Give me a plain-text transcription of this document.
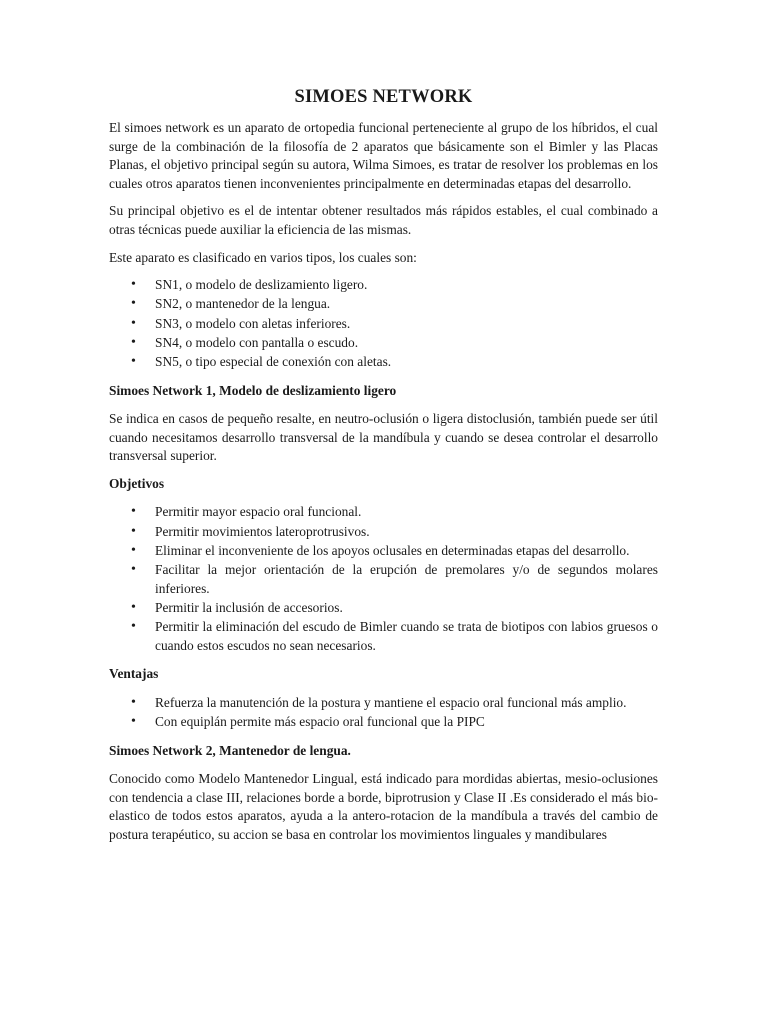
SIMOES NETWORK

El simoes network es un aparato de ortopedia funcional perteneciente al grupo de los híbridos, el cual surge de la combinación de la filosofía de 2 aparatos que básicamente son el Bimler y las Placas Planas, el objetivo principal según su autora, Wilma Simoes, es tratar de resolver los problemas en los cuales otros aparatos tienen inconvenientes principalmente en determinadas etapas del desarrollo.

Su principal objetivo es el de intentar obtener resultados más rápidos estables, el cual combinado a otras técnicas puede auxiliar la eficiencia de las mismas.

Este aparato es clasificado en varios tipos, los cuales son:

• SN1, o modelo de deslizamiento ligero.
• SN2, o mantenedor de la lengua.
• SN3, o modelo con aletas inferiores.
• SN4, o modelo con pantalla o escudo.
• SN5, o tipo especial de conexión con aletas.

Simoes Network 1, Modelo de deslizamiento ligero

Se indica en casos de pequeño resalte, en neutro-oclusión o ligera distoclusión, también puede ser útil cuando necesitamos desarrollo transversal de la mandíbula y cuando se desea controlar el desarrollo transversal superior.

Objetivos

• Permitir mayor espacio oral funcional.
• Permitir movimientos lateroprotrusivos.
• Eliminar el inconveniente de los apoyos oclusales en determinadas etapas del desarrollo.
• Facilitar la mejor orientación de la erupción de premolares y/o de segundos molares inferiores.
• Permitir la inclusión de accesorios.
• Permitir la eliminación del escudo de Bimler cuando se trata de biotipos con labios gruesos o cuando estos escudos no sean necesarios.

Ventajas

• Refuerza la manutención de la postura y mantiene el espacio oral funcional más amplio.
• Con equiplán permite más espacio oral funcional que la PIPC

Simoes Network 2, Mantenedor de lengua.

Conocido como Modelo Mantenedor Lingual, está indicado para mordidas abiertas, mesio-oclusiones con tendencia a clase III, relaciones borde a borde, biprotrusion y Clase II .Es considerado el más bio-elastico de todos estos aparatos, ayuda a la antero-rotacion de la mandíbula a través del cambio de postura terapéutico, su accion se basa en controlar los movimientos linguales y mandibulares
